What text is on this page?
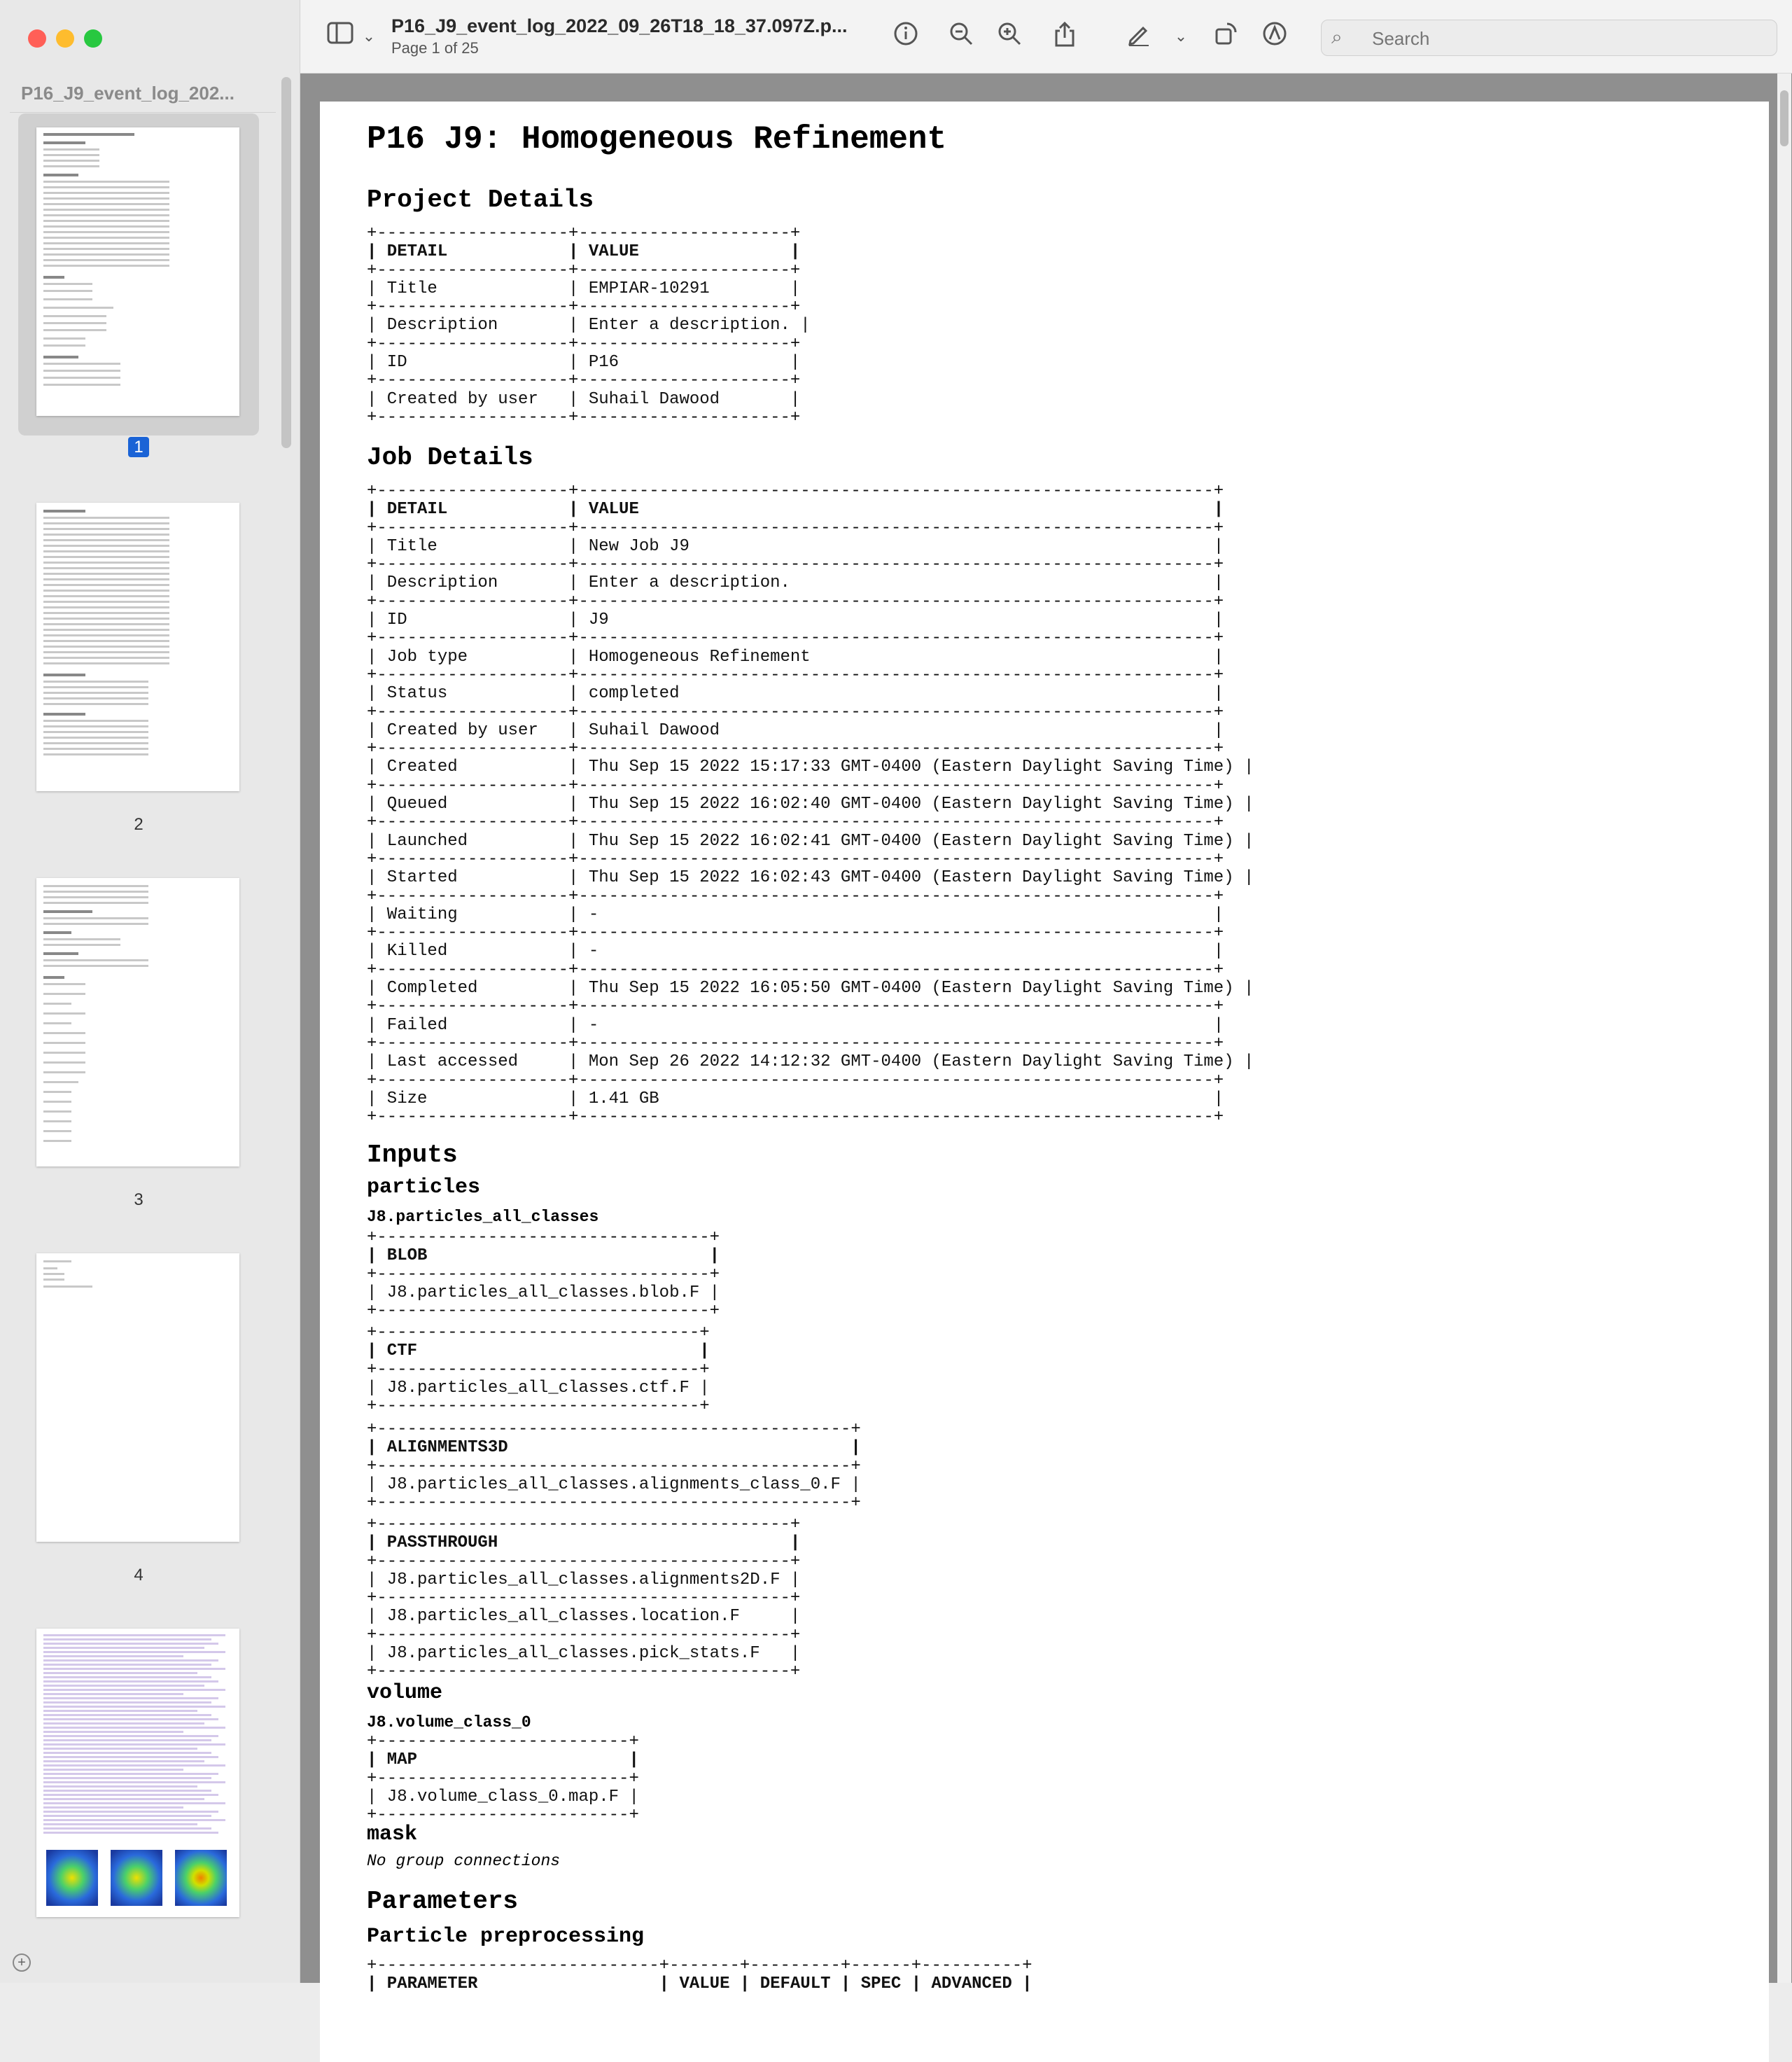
P16_J9_event_log_202...
1
2
3
4
+
⌄ P16_J9_event_log_2022_09_26T18_18_37.097Z.p...
Page 1 of 25
⌄	⌕
Search
P16 J9: Homogeneous Refinement
Project Details
+-------------------+---------------------+
| DETAIL            | VALUE               |
+-------------------+---------------------+
| Title             | EMPIAR-10291        |
+-------------------+---------------------+
| Description       | Enter a description. |
+-------------------+---------------------+
| ID                | P16                 |
+-------------------+---------------------+
| Created by user   | Suhail Dawood       |
+-------------------+---------------------+
Job Details
+-------------------+---------------------------------------------------------------+
| DETAIL            | VALUE                                                         |
+-------------------+---------------------------------------------------------------+
| Title             | New Job J9                                                    |
+-------------------+---------------------------------------------------------------+
| Description       | Enter a description.                                          |
+-------------------+---------------------------------------------------------------+
| ID                | J9                                                            |
+-------------------+---------------------------------------------------------------+
| Job type          | Homogeneous Refinement                                        |
+-------------------+---------------------------------------------------------------+
| Status            | completed                                                     |
+-------------------+---------------------------------------------------------------+
| Created by user   | Suhail Dawood                                                 |
+-------------------+---------------------------------------------------------------+
| Created           | Thu Sep 15 2022 15:17:33 GMT-0400 (Eastern Daylight Saving Time) |
+-------------------+---------------------------------------------------------------+
| Queued            | Thu Sep 15 2022 16:02:40 GMT-0400 (Eastern Daylight Saving Time) |
+-------------------+---------------------------------------------------------------+
| Launched          | Thu Sep 15 2022 16:02:41 GMT-0400 (Eastern Daylight Saving Time) |
+-------------------+---------------------------------------------------------------+
| Started           | Thu Sep 15 2022 16:02:43 GMT-0400 (Eastern Daylight Saving Time) |
+-------------------+---------------------------------------------------------------+
| Waiting           | -                                                             |
+-------------------+---------------------------------------------------------------+
| Killed            | -                                                             |
+-------------------+---------------------------------------------------------------+
| Completed         | Thu Sep 15 2022 16:05:50 GMT-0400 (Eastern Daylight Saving Time) |
+-------------------+---------------------------------------------------------------+
| Failed            | -                                                             |
+-------------------+---------------------------------------------------------------+
| Last accessed     | Mon Sep 26 2022 14:12:32 GMT-0400 (Eastern Daylight Saving Time) |
+-------------------+---------------------------------------------------------------+
| Size              | 1.41 GB                                                       |
+-------------------+---------------------------------------------------------------+
Inputs
particles
J8.particles_all_classes
+---------------------------------+
| BLOB                            |
+---------------------------------+
| J8.particles_all_classes.blob.F |
+---------------------------------+
+--------------------------------+
| CTF                            |
+--------------------------------+
| J8.particles_all_classes.ctf.F |
+--------------------------------+
+-----------------------------------------------+
| ALIGNMENTS3D                                  |
+-----------------------------------------------+
| J8.particles_all_classes.alignments_class_0.F |
+-----------------------------------------------+
+-----------------------------------------+
| PASSTHROUGH                             |
+-----------------------------------------+
| J8.particles_all_classes.alignments2D.F |
+-----------------------------------------+
| J8.particles_all_classes.location.F     |
+-----------------------------------------+
| J8.particles_all_classes.pick_stats.F   |
+-----------------------------------------+
volume
J8.volume_class_0
+-------------------------+
| MAP                     |
+-------------------------+
| J8.volume_class_0.map.F |
+-------------------------+
mask
No group connections
Parameters
Particle preprocessing
+----------------------------+-------+---------+------+----------+
| PARAMETER                  | VALUE | DEFAULT | SPEC | ADVANCED |
